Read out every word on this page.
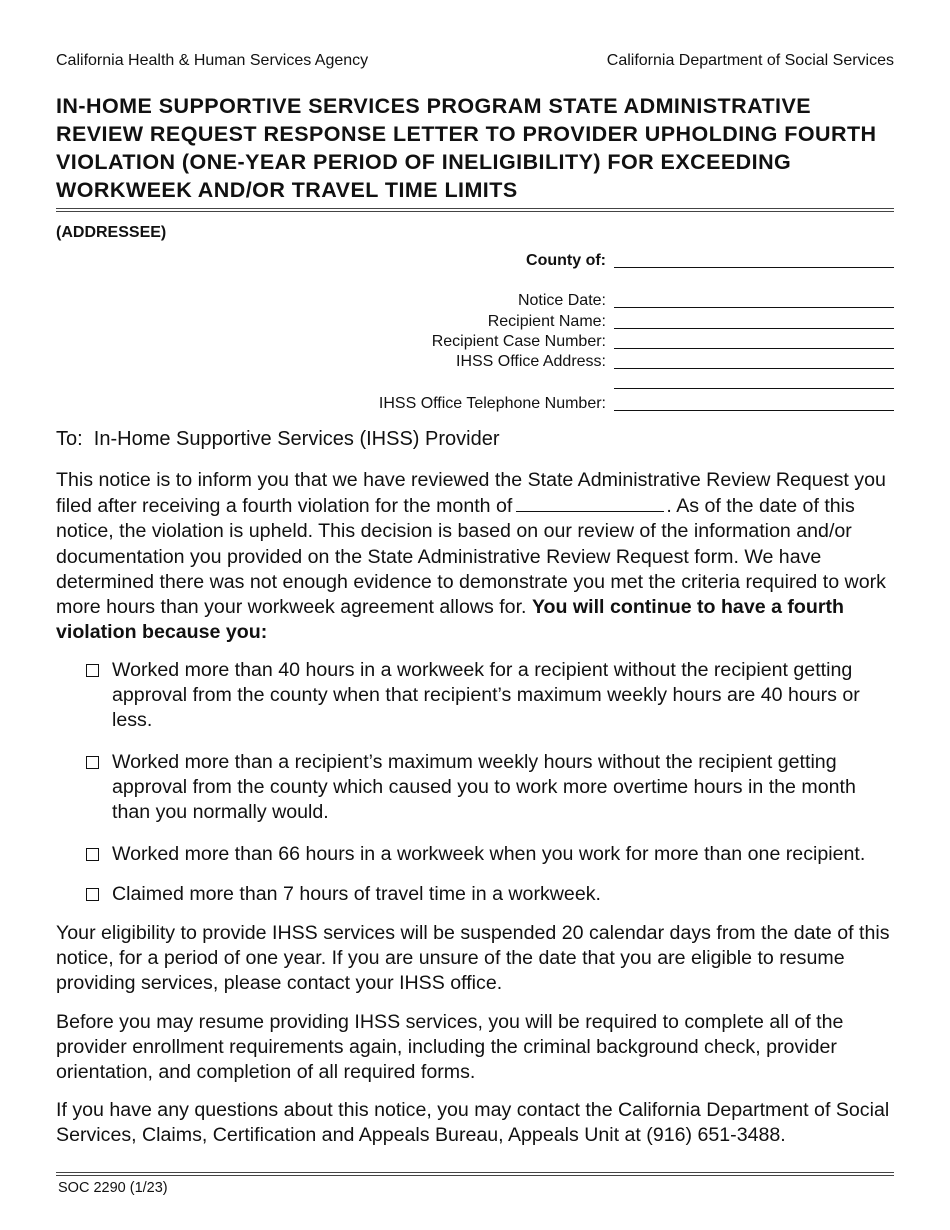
California Health & Human Services Agency	California Department of Social Services
IN-HOME SUPPORTIVE SERVICES PROGRAM STATE ADMINISTRATIVE REVIEW REQUEST RESPONSE LETTER TO PROVIDER UPHOLDING FOURTH VIOLATION (ONE-YEAR PERIOD OF INELIGIBILITY) FOR EXCEEDING WORKWEEK AND/OR TRAVEL TIME LIMITS
(ADDRESSEE)
County of:
Notice Date:
Recipient Name:
Recipient Case Number:
IHSS Office Address:
IHSS Office Telephone Number:
To:  In-Home Supportive Services (IHSS) Provider

This notice is to inform you that we have reviewed the State Administrative Review Request you filed after receiving a fourth violation for the month of	. As of the date of this notice, the violation is upheld. This decision is based on our review of the information and/or documentation you provided on the State Administrative Review Request form. We have determined there was not enough evidence to demonstrate you met the criteria required to work more hours than your workweek agreement allows for. You will continue to have a fourth violation because you:

Worked more than 40 hours in a workweek for a recipient without the recipient getting approval from the county when that recipient’s maximum weekly hours are 40 hours or less.
Worked more than a recipient’s maximum weekly hours without the recipient getting approval from the county which caused you to work more overtime hours in the month than you normally would.
Worked more than 66 hours in a workweek when you work for more than one recipient.
Claimed more than 7 hours of travel time in a workweek.

Your eligibility to provide IHSS services will be suspended 20 calendar days from the date of this notice, for a period of one year. If you are unsure of the date that you are eligible to resume providing services, please contact your IHSS office.

Before you may resume providing IHSS services, you will be required to complete all of the provider enrollment requirements again, including the criminal background check, provider orientation, and completion of all required forms.

If you have any questions about this notice, you may contact the California Department of Social Services, Claims, Certification and Appeals Bureau, Appeals Unit at (916) 651-3488.

SOC 2290 (1/23)
